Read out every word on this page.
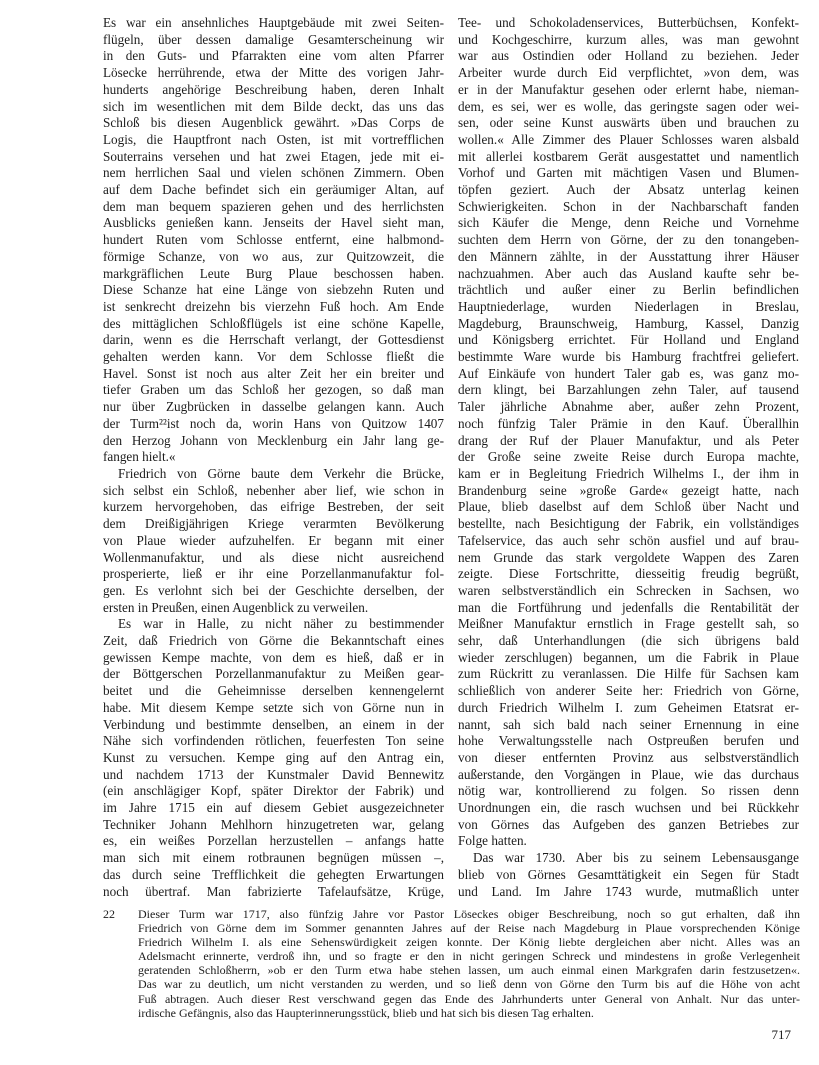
Es war ein ansehnliches Hauptgebäude mit zwei Seiten-
flügeln, über dessen damalige Gesamterscheinung wir
in den Guts- und Pfarrakten eine vom alten Pfarrer
Lösecke herrührende, etwa der Mitte des vorigen Jahr-
hunderts angehörige Beschreibung haben, deren Inhalt
sich im wesentlichen mit dem Bilde deckt, das uns das
Schloß bis diesen Augenblick gewährt. »Das Corps de
Logis, die Hauptfront nach Osten, ist mit vortrefflichen
Souterrains versehen und hat zwei Etagen, jede mit ei-
nem herrlichen Saal und vielen schönen Zimmern. Oben
auf dem Dache befindet sich ein geräumiger Altan, auf
dem man bequem spazieren gehen und des herrlichsten
Ausblicks genießen kann. Jenseits der Havel sieht man,
hundert Ruten vom Schlosse entfernt, eine halbmond-
förmige Schanze, von wo aus, zur Quitzowzeit, die
markgräflichen Leute Burg Plaue beschossen haben.
Diese Schanze hat eine Länge von siebzehn Ruten und
ist senkrecht dreizehn bis vierzehn Fuß hoch. Am Ende
des mittäglichen Schloßflügels ist eine schöne Kapelle,
darin, wenn es die Herrschaft verlangt, der Gottesdienst
gehalten werden kann. Vor dem Schlosse fließt die
Havel. Sonst ist noch aus alter Zeit her ein breiter und
tiefer Graben um das Schloß her gezogen, so daß man
nur über Zugbrücken in dasselbe gelangen kann. Auch
der Turm²²ist noch da, worin Hans von Quitzow 1407
den Herzog Johann von Mecklenburg ein Jahr lang ge-
fangen hielt.«
Friedrich von Görne baute dem Verkehr die Brücke,
sich selbst ein Schloß, nebenher aber lief, wie schon in
kurzem hervorgehoben, das eifrige Bestreben, der seit
dem Dreißigjährigen Kriege verarmten Bevölkerung
von Plaue wieder aufzuhelfen. Er begann mit einer
Wollenmanufaktur, und als diese nicht ausreichend
prosperierte, ließ er ihr eine Porzellanmanufaktur fol-
gen. Es verlohnt sich bei der Geschichte derselben, der
ersten in Preußen, einen Augenblick zu verweilen.
Es war in Halle, zu nicht näher zu bestimmender
Zeit, daß Friedrich von Görne die Bekanntschaft eines
gewissen Kempe machte, von dem es hieß, daß er in
der Böttgerschen Porzellanmanufaktur zu Meißen gear-
beitet und die Geheimnisse derselben kennengelernt
habe. Mit diesem Kempe setzte sich von Görne nun in
Verbindung und bestimmte denselben, an einem in der
Nähe sich vorfindenden rötlichen, feuerfesten Ton seine
Kunst zu versuchen. Kempe ging auf den Antrag ein,
und nachdem 1713 der Kunstmaler David Bennewitz
(ein anschlägiger Kopf, später Direktor der Fabrik) und
im Jahre 1715 ein auf diesem Gebiet ausgezeichneter
Techniker Johann Mehlhorn hinzugetreten war, gelang
es, ein weißes Porzellan herzustellen – anfangs hatte
man sich mit einem rotbraunen begnügen müssen –,
das durch seine Trefflichkeit die gehegten Erwartungen
noch übertraf. Man fabrizierte Tafelaufsätze, Krüge,
Tee- und Schokoladenservices, Butterbüchsen, Konfekt-
und Kochgeschirre, kurzum alles, was man gewohnt
war aus Ostindien oder Holland zu beziehen. Jeder
Arbeiter wurde durch Eid verpflichtet, »von dem, was
er in der Manufaktur gesehen oder erlernt habe, nieman-
dem, es sei, wer es wolle, das geringste sagen oder wei-
sen, oder seine Kunst auswärts üben und brauchen zu
wollen.« Alle Zimmer des Plauer Schlosses waren alsbald
mit allerlei kostbarem Gerät ausgestattet und namentlich
Vorhof und Garten mit mächtigen Vasen und Blumen-
töpfen geziert. Auch der Absatz unterlag keinen
Schwierigkeiten. Schon in der Nachbarschaft fanden
sich Käufer die Menge, denn Reiche und Vornehme
suchten dem Herrn von Görne, der zu den tonangeben-
den Männern zählte, in der Ausstattung ihrer Häuser
nachzuahmen. Aber auch das Ausland kaufte sehr be-
trächtlich und außer einer zu Berlin befindlichen
Hauptniederlage, wurden Niederlagen in Breslau,
Magdeburg, Braunschweig, Hamburg, Kassel, Danzig
und Königsberg errichtet. Für Holland und England
bestimmte Ware wurde bis Hamburg frachtfrei geliefert.
Auf Einkäufe von hundert Taler gab es, was ganz mo-
dern klingt, bei Barzahlungen zehn Taler, auf tausend
Taler jährliche Abnahme aber, außer zehn Prozent,
noch fünfzig Taler Prämie in den Kauf. Überallhin
drang der Ruf der Plauer Manufaktur, und als Peter
der Große seine zweite Reise durch Europa machte,
kam er in Begleitung Friedrich Wilhelms I., der ihm in
Brandenburg seine »große Garde« gezeigt hatte, nach
Plaue, blieb daselbst auf dem Schloß über Nacht und
bestellte, nach Besichtigung der Fabrik, ein vollständiges
Tafelservice, das auch sehr schön ausfiel und auf brau-
nem Grunde das stark vergoldete Wappen des Zaren
zeigte. Diese Fortschritte, diesseitig freudig begrüßt,
waren selbstverständlich ein Schrecken in Sachsen, wo
man die Fortführung und jedenfalls die Rentabilität der
Meißner Manufaktur ernstlich in Frage gestellt sah, so
sehr, daß Unterhandlungen (die sich übrigens bald
wieder zerschlugen) begannen, um die Fabrik in Plaue
zum Rückritt zu veranlassen. Die Hilfe für Sachsen kam
schließlich von anderer Seite her: Friedrich von Görne,
durch Friedrich Wilhelm I. zum Geheimen Etatsrat er-
nannt, sah sich bald nach seiner Ernennung in eine
hohe Verwaltungsstelle nach Ostpreußen berufen und
von dieser entfernten Provinz aus selbstverständlich
außerstande, den Vorgängen in Plaue, wie das durchaus
nötig war, kontrollierend zu folgen. So rissen denn
Unordnungen ein, die rasch wuchsen und bei Rückkehr
von Görnes das Aufgeben des ganzen Betriebes zur
Folge hatten.
Das war 1730. Aber bis zu seinem Lebensausgange
blieb von Görnes Gesamttätigkeit ein Segen für Stadt
und Land. Im Jahre 1743 wurde, mutmaßlich unter
22	Dieser Turm war 1717, also fünfzig Jahre vor Pastor Löseckes obiger Beschreibung, noch so gut erhalten, daß ihn
Friedrich von Görne dem im Sommer genannten Jahres auf der Reise nach Magdeburg in Plaue vorsprechenden Könige
Friedrich Wilhelm I. als eine Sehenswürdigkeit zeigen konnte. Der König liebte dergleichen aber nicht. Alles was an
Adelsmacht erinnerte, verdroß ihn, und so fragte er den in nicht geringen Schreck und mindestens in große Verlegenheit
geratenden Schloßherrn, »ob er den Turm etwa habe stehen lassen, um auch einmal einen Markgrafen darin festzusetzen«.
Das war zu deutlich, um nicht verstanden zu werden, und so ließ denn von Görne den Turm bis auf die Höhe von acht
Fuß abtragen. Auch dieser Rest verschwand gegen das Ende des Jahrhunderts unter General von Anhalt. Nur das unter-
irdische Gefängnis, also das Haupterinnerungsstück, blieb und hat sich bis diesen Tag erhalten.
717
